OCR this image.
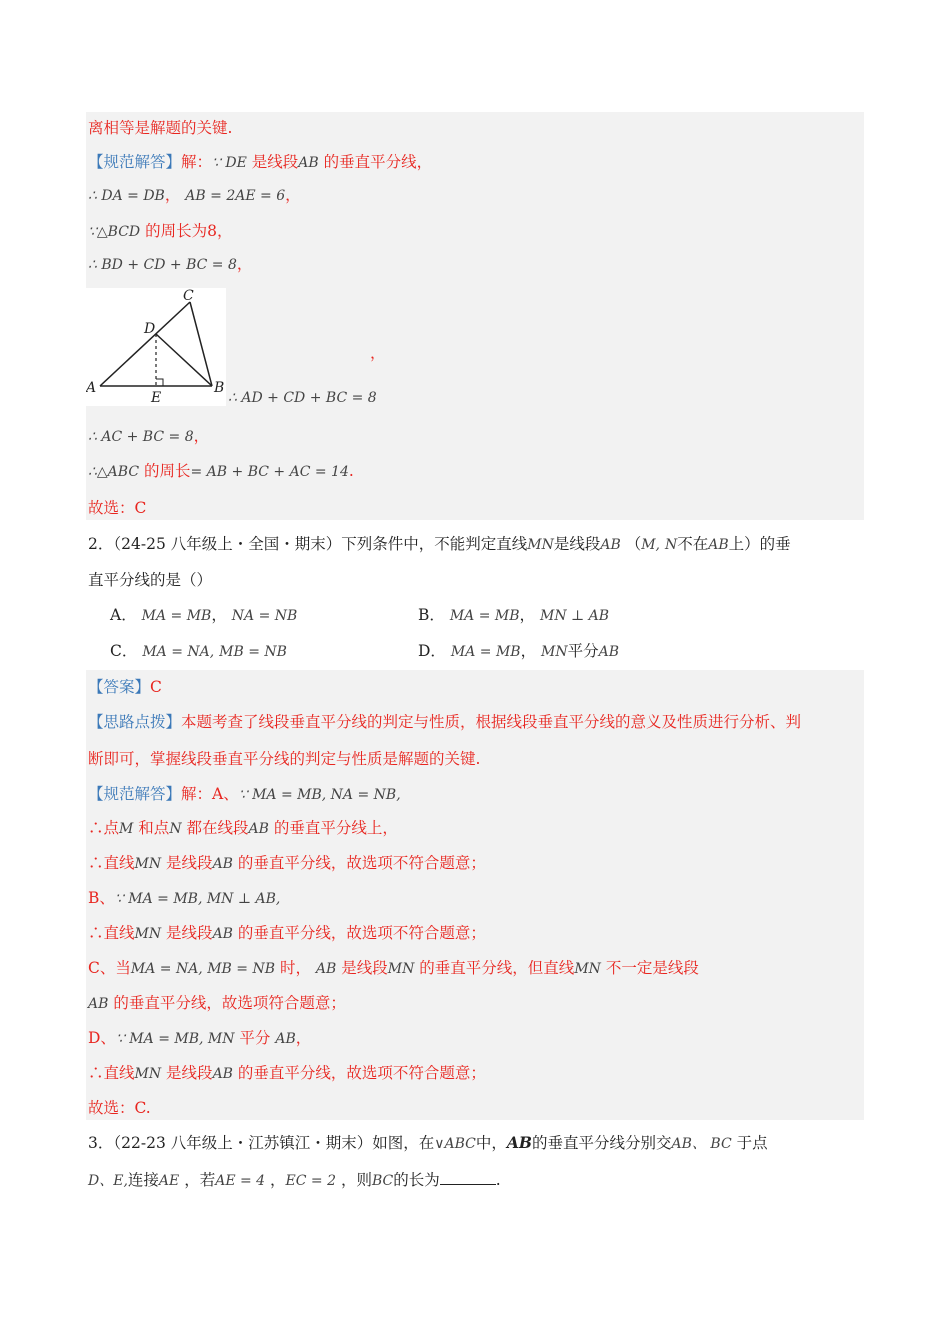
离相等是解题的关键.
【规范解答】解：∵ DE 是线段AB 的垂直平分线，
∴ DA = DB， AB = 2AE = 6，
∵△BCD 的周长为8，
∴ BD + CD + BC = 8，
A	B
C
D
E
，
∴ AD + CD + BC = 8
∴ AC + BC = 8，
∴△ABC 的周长= AB + BC + AC = 14.
故选：C
2．（24-25 八年级上・全国・期末）下列条件中，不能判定直线MN是线段AB （M, N不在AB上）的垂
直平分线的是（）
A． MA = MB， NA = NB	B． MA = MB， MN ⊥ AB
C． MA = NA, MB = NB	D． MA = MB， MN平分AB
【答案】C
【思路点拨】本题考查了线段垂直平分线的判定与性质，根据线段垂直平分线的意义及性质进行分析、判
断即可，掌握线段垂直平分线的判定与性质是解题的关键.
【规范解答】解：A、∵ MA = MB, NA = NB,
∴点M 和点N 都在线段AB 的垂直平分线上，
∴直线MN 是线段AB 的垂直平分线，故选项不符合题意；
B、∵ MA = MB, MN ⊥ AB,
∴直线MN 是线段AB 的垂直平分线，故选项不符合题意；
C、当MA = NA, MB = NB 时， AB 是线段MN 的垂直平分线，但直线MN 不一定是线段
AB 的垂直平分线，故选项符合题意；
D、∵ MA = MB, MN 平分 AB，
∴直线MN 是线段AB 的垂直平分线，故选项不符合题意；
故选：C.
3．（22-23 八年级上・江苏镇江・期末）如图，在∨ABC中，AB的垂直平分线分别交AB、 BC 于点
D、E,连接AE ，若AE = 4 ，EC = 2 ，则BC的长为	.
